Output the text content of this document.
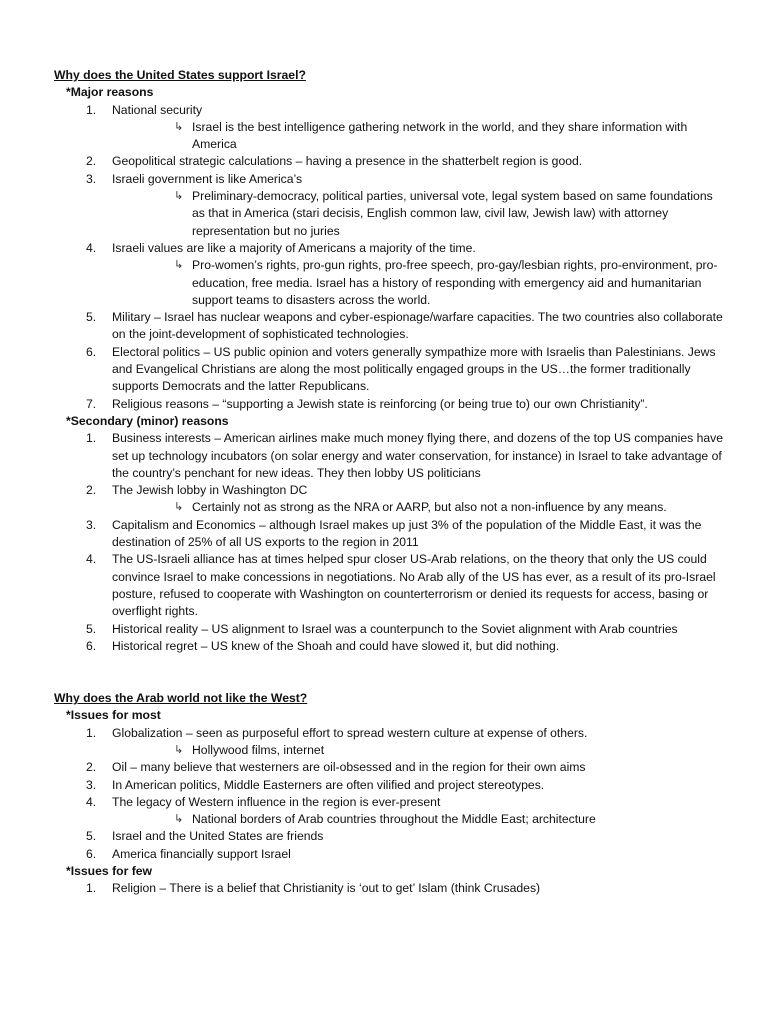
Why does the United States support Israel?
*Major reasons
1. National security
↳ Israel is the best intelligence gathering network in the world, and they share information with America
2. Geopolitical strategic calculations – having a presence in the shatterbelt region is good.
3. Israeli government is like America’s
↳ Preliminary-democracy, political parties, universal vote, legal system based on same foundations as that in America (stari decisis, English common law, civil law, Jewish law) with attorney representation but no juries
4. Israeli values are like a majority of Americans a majority of the time.
↳ Pro-women’s rights, pro-gun rights, pro-free speech, pro-gay/lesbian rights, pro-environment, pro-education, free media. Israel has a history of responding with emergency aid and humanitarian support teams to disasters across the world.
5. Military – Israel has nuclear weapons and cyber-espionage/warfare capacities. The two countries also collaborate on the joint-development of sophisticated technologies.
6. Electoral politics – US public opinion and voters generally sympathize more with Israelis than Palestinians. Jews and Evangelical Christians are along the most politically engaged groups in the US…the former traditionally supports Democrats and the latter Republicans.
7. Religious reasons – “supporting a Jewish state is reinforcing (or being true to) our own Christianity”.
*Secondary (minor) reasons
1. Business interests – American airlines make much money flying there, and dozens of the top US companies have set up technology incubators (on solar energy and water conservation, for instance) in Israel to take advantage of the country’s penchant for new ideas. They then lobby US politicians
2. The Jewish lobby in Washington DC
↳ Certainly not as strong as the NRA or AARP, but also not a non-influence by any means.
3. Capitalism and Economics – although Israel makes up just 3% of the population of the Middle East, it was the destination of 25% of all US exports to the region in 2011
4. The US-Israeli alliance has at times helped spur closer US-Arab relations, on the theory that only the US could convince Israel to make concessions in negotiations. No Arab ally of the US has ever, as a result of its pro-Israel posture, refused to cooperate with Washington on counterterrorism or denied its requests for access, basing or overflight rights.
5. Historical reality – US alignment to Israel was a counterpunch to the Soviet alignment with Arab countries
6. Historical regret – US knew of the Shoah and could have slowed it, but did nothing.
Why does the Arab world not like the West?
*Issues for most
1. Globalization – seen as purposeful effort to spread western culture at expense of others.
↳ Hollywood films, internet
2. Oil – many believe that westerners are oil-obsessed and in the region for their own aims
3. In American politics, Middle Easterners are often vilified and project stereotypes.
4. The legacy of Western influence in the region is ever-present
↳ National borders of Arab countries throughout the Middle East; architecture
5. Israel and the United States are friends
6. America financially support Israel
*Issues for few
1. Religion – There is a belief that Christianity is ‘out to get’ Islam (think Crusades)
